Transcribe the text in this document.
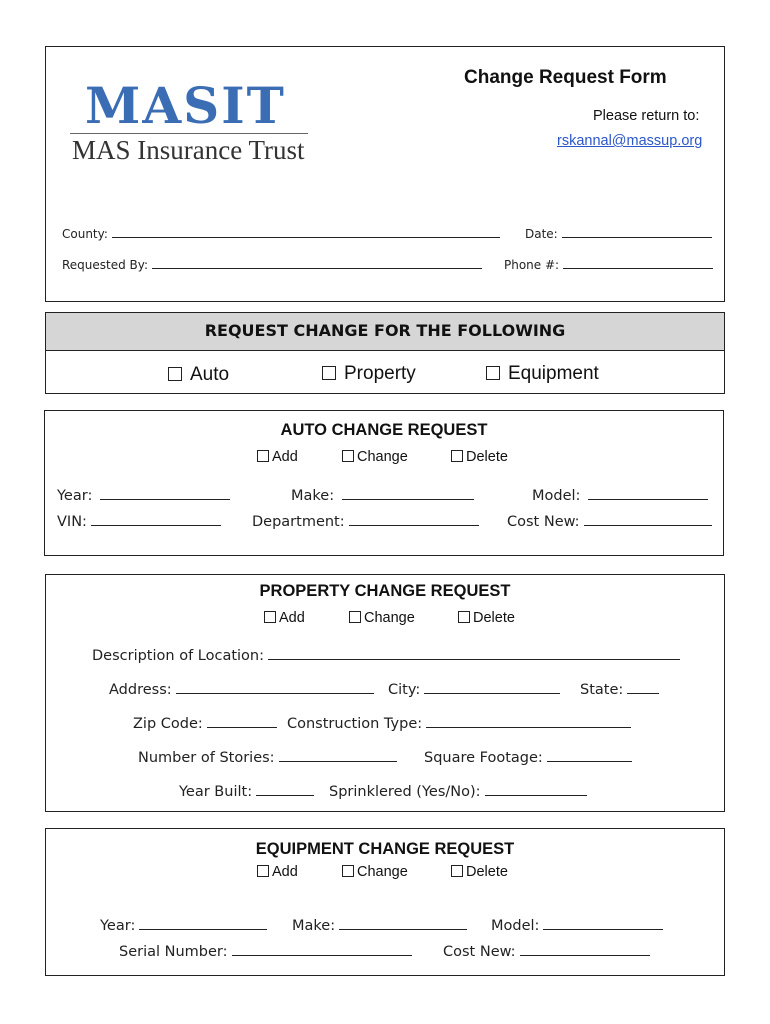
MASIT
MAS Insurance Trust
Change Request Form
Please return to:
rskannal@massup.org
County:	Date:
Requested By:	Phone #:
REQUEST CHANGE FOR THE FOLLOWING
Auto	Property	Equipment
AUTO CHANGE REQUEST
Add	Change	Delete
Year:	Make:	Model:
VIN:	Department:	Cost New:
PROPERTY CHANGE REQUEST
Add	Change	Delete
Description of Location:
Address:	City:	State:
Zip Code:	Construction Type:
Number of Stories:	Square Footage:
Year Built:	Sprinklered (Yes/No):
EQUIPMENT CHANGE REQUEST
Add	Change	Delete
Year:	Make:	Model:
Serial Number:	Cost New:
